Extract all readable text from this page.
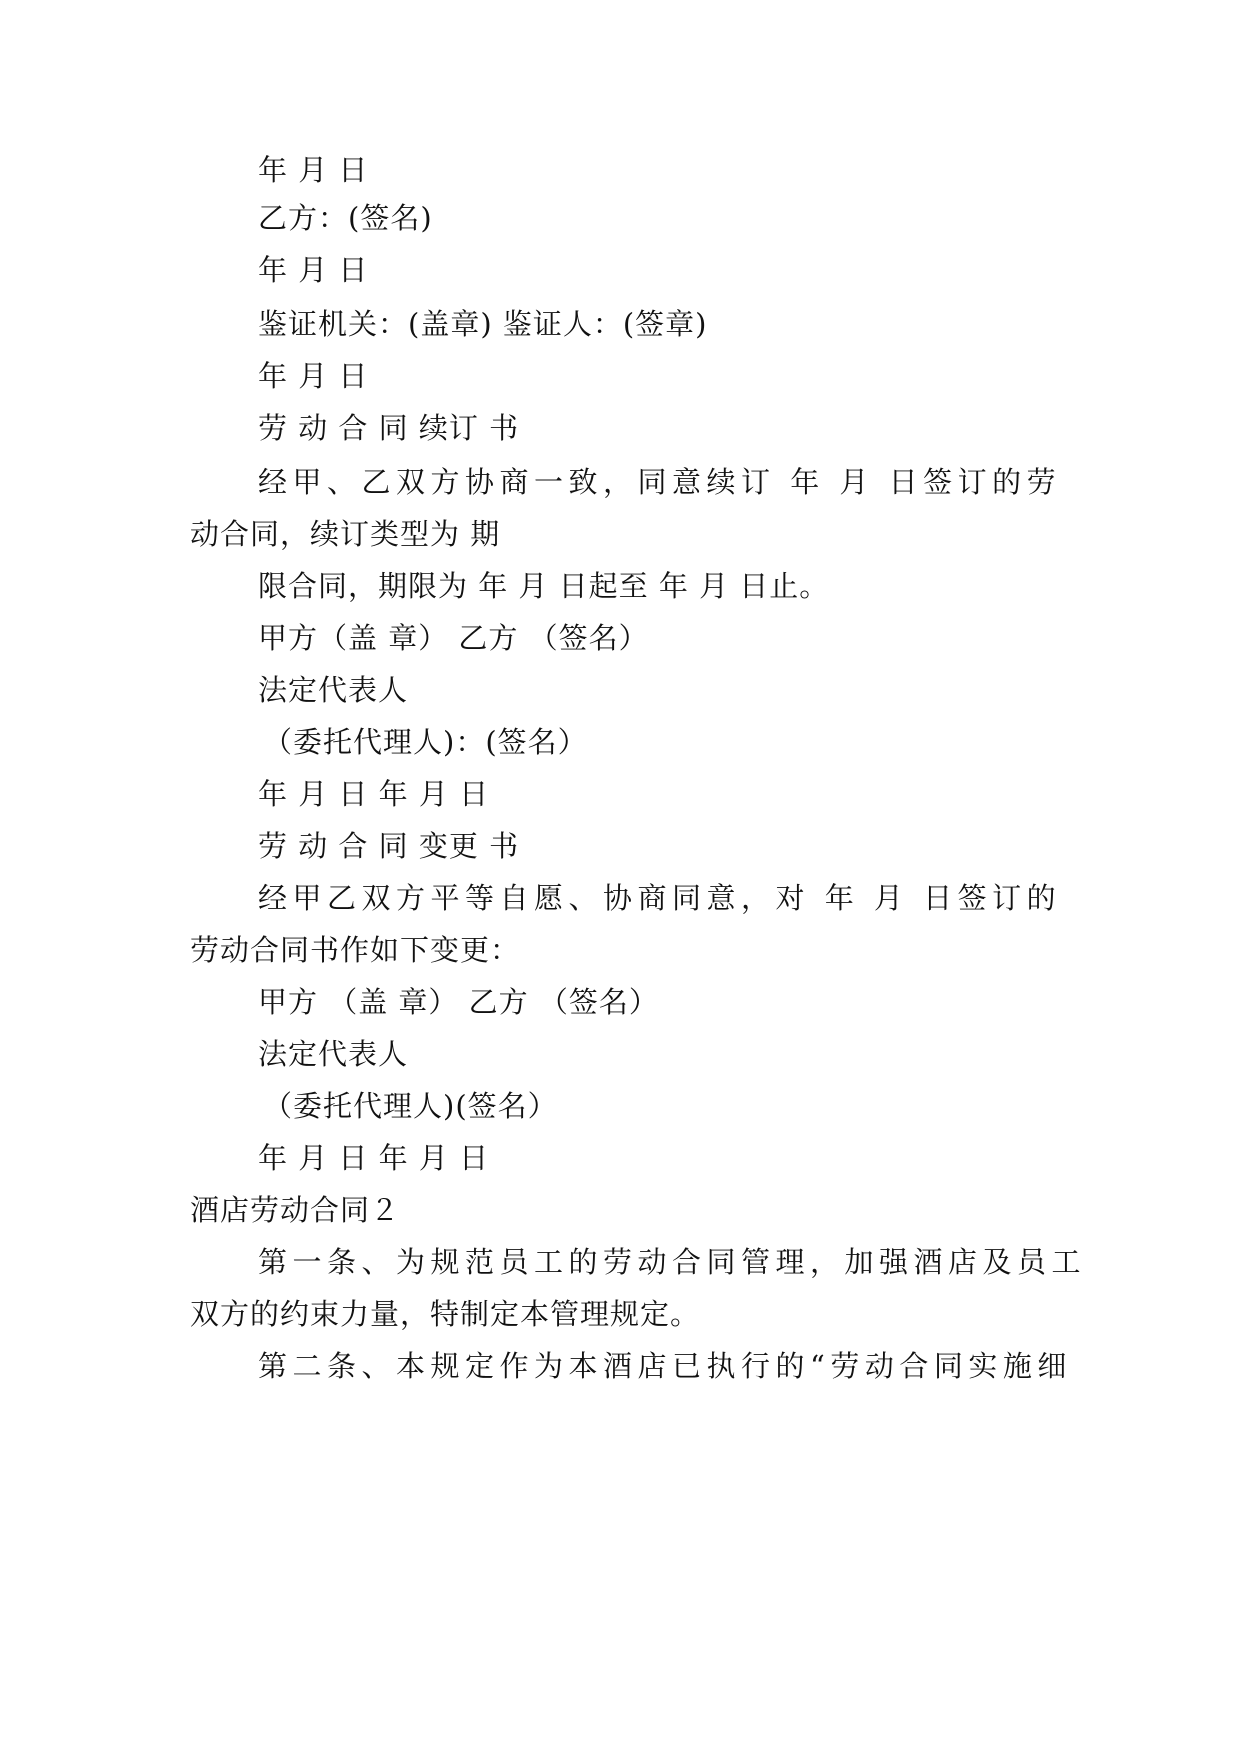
年 月 日
乙方：(签名)
年 月 日
鉴证机关：(盖章) 鉴证人：(签章)
年 月 日
劳 动 合 同 续订 书
经甲、乙双方协商一致，同意续订 年 月 日签订的劳
动合同，续订类型为 期
限合同，期限为 年 月 日起至 年 月 日止。
甲方（盖 章） 乙方 （签名）
法定代表人
（委托代理人)：(签名）
年 月 日 年 月 日
劳 动 合 同 变更 书
经甲乙双方平等自愿、协商同意，对 年 月 日签订的
劳动合同书作如下变更：
甲方 （盖 章） 乙方 （签名）
法定代表人
（委托代理人)(签名）
年 月 日 年 月 日
酒店劳动合同２
第一条、为规范员工的劳动合同管理，加强酒店及员工
双方的约束力量，特制定本管理规定。
第二条、本规定作为本酒店已执行的“劳动合同实施细
